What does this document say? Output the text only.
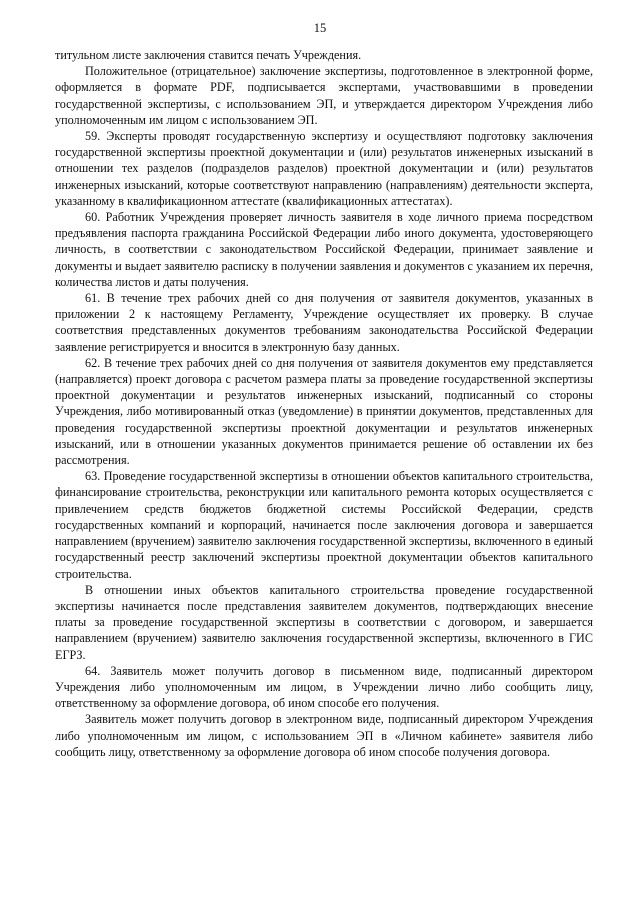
15

титульном листе заключения ставится печать Учреждения.

Положительное (отрицательное) заключение экспертизы, подготовленное в электронной форме, оформляется в формате PDF, подписывается экспертами, участвовавшими в проведении государственной экспертизы, с использованием ЭП, и утверждается директором Учреждения либо уполномоченным им лицом с использованием ЭП.

59. Эксперты проводят государственную экспертизу и осуществляют подготовку заключения государственной экспертизы проектной документации и (или) результатов инженерных изысканий в отношении тех разделов (подразделов разделов) проектной документации и (или) результатов инженерных изысканий, которые соответствуют направлению (направлениям) деятельности эксперта, указанному в квалификационном аттестате (квалификационных аттестатах).

60. Работник Учреждения проверяет личность заявителя в ходе личного приема посредством предъявления паспорта гражданина Российской Федерации либо иного документа, удостоверяющего личность, в соответствии с законодательством Российской Федерации, принимает заявление и документы и выдает заявителю расписку в получении заявления и документов с указанием их перечня, количества листов и даты получения.

61. В течение трех рабочих дней со дня получения от заявителя документов, указанных в приложении 2 к настоящему Регламенту, Учреждение осуществляет их проверку. В случае соответствия представленных документов требованиям законодательства Российской Федерации заявление регистрируется и вносится в электронную базу данных.

62. В течение трех рабочих дней со дня получения от заявителя документов ему представляется (направляется) проект договора с расчетом размера платы за проведение государственной экспертизы проектной документации и результатов инженерных изысканий, подписанный со стороны Учреждения, либо мотивированный отказ (уведомление) в принятии документов, представленных для проведения государственной экспертизы проектной документации и результатов инженерных изысканий, или в отношении указанных документов принимается решение об оставлении их без рассмотрения.

63. Проведение государственной экспертизы в отношении объектов капитального строительства, финансирование строительства, реконструкции или капитального ремонта которых осуществляется с привлечением средств бюджетов бюджетной системы Российской Федерации, средств государственных компаний и корпораций, начинается после заключения договора и завершается направлением (вручением) заявителю заключения государственной экспертизы, включенного в единый государственный реестр заключений экспертизы проектной документации объектов капитального строительства.

В отношении иных объектов капитального строительства проведение государственной экспертизы начинается после представления заявителем документов, подтверждающих внесение платы за проведение государственной экспертизы в соответствии с договором, и завершается направлением (вручением) заявителю заключения государственной экспертизы, включенного в ГИС ЕГРЗ.

64. Заявитель может получить договор в письменном виде, подписанный директором Учреждения либо уполномоченным им лицом, в Учреждении лично либо сообщить лицу, ответственному за оформление договора, об ином способе его получения.

Заявитель может получить договор в электронном виде, подписанный директором Учреждения либо уполномоченным им лицом, с использованием ЭП в «Личном кабинете» заявителя либо сообщить лицу, ответственному за оформление договора об ином способе получения договора.
